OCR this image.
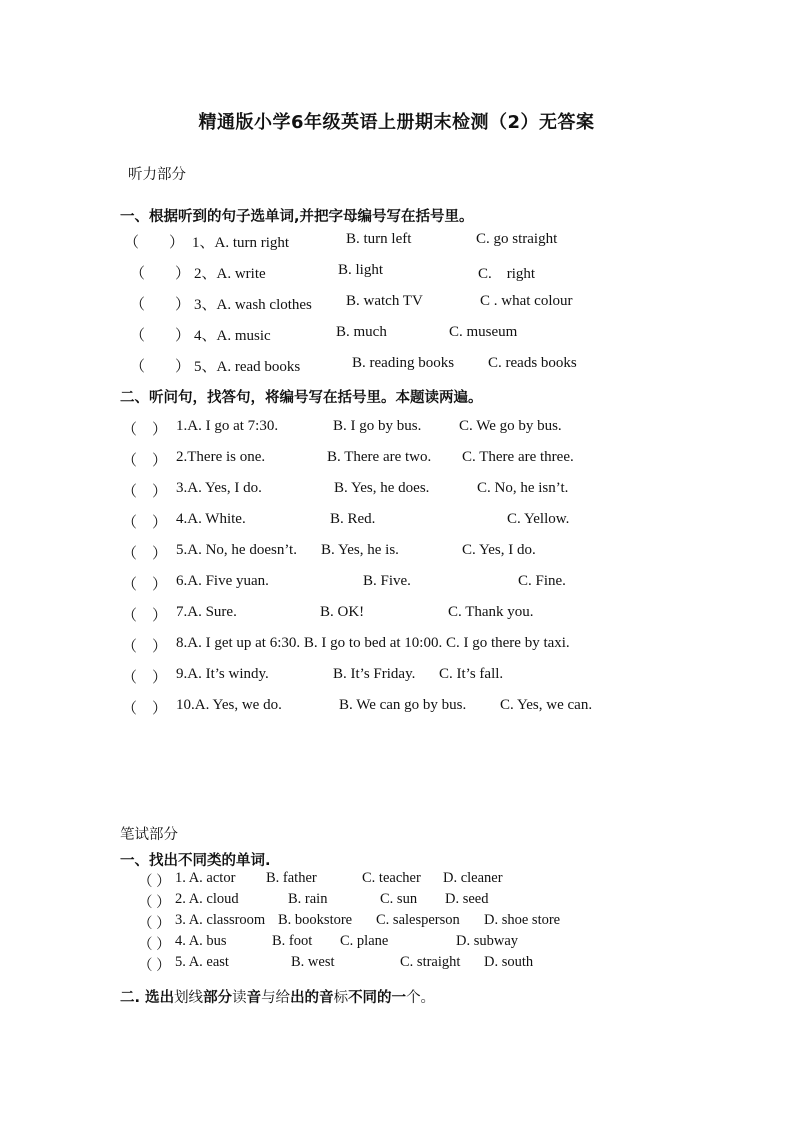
精通版小学6年级英语上册期末检测（2）无答案
听力部分
一、根据听到的句子选单词,并把字母编号写在括号里。
（　　） 1、A. turn right	B. turn left	C. go straight
（　　） 2、A. write	B. light	C.　right
（　　） 3、A. wash clothes B. watch TV	C . what colour
（　　） 4、A. music	B. much	C. museum
（　　） 5、A. read books	B. reading books C. reads books
二、听问句，找答句，将编号写在括号里。本题读两遍。
（　） 1.A. I go at 7:30.	B. I go by bus.	C. We go by bus.
（　） 2.There is one.	B. There are two. C. There are three.
（　） 3.A. Yes, I do.	B. Yes, he does.	C. No, he isn’t.
（　） 4.A. White.	B. Red.	C. Yellow.
（　） 5.A. No, he doesn’t. B. Yes, he is.	C. Yes, I do.
（　） 6.A. Five yuan.	B. Five.	C. Fine.
（　） 7.A. Sure.	B. OK!	C. Thank you.
（　） 8.A. I get up at 6:30. B. I go to bed at 10:00. C. I go there by taxi.
（　） 9.A. It’s windy.	B. It’s Friday. C. It’s fall.
（　） 10.A. Yes, we do.	B. We can go by bus. C. Yes, we can.
笔试部分
一、找出不同类的单词.
（ ） 1. A. actor B. father	C. teacher D. cleaner
（ ） 2. A. cloud	B. rain	C. sun D. seed
（ ） 3. A. classroom B. bookstore C. salesperson D. shoe store
（ ） 4. A. bus	B. foot C. plane	D. subway
（ ） 5. A. east	B. west	C. straight D. south
二. 选出划线部分读音与给出的音标不同的一个。
